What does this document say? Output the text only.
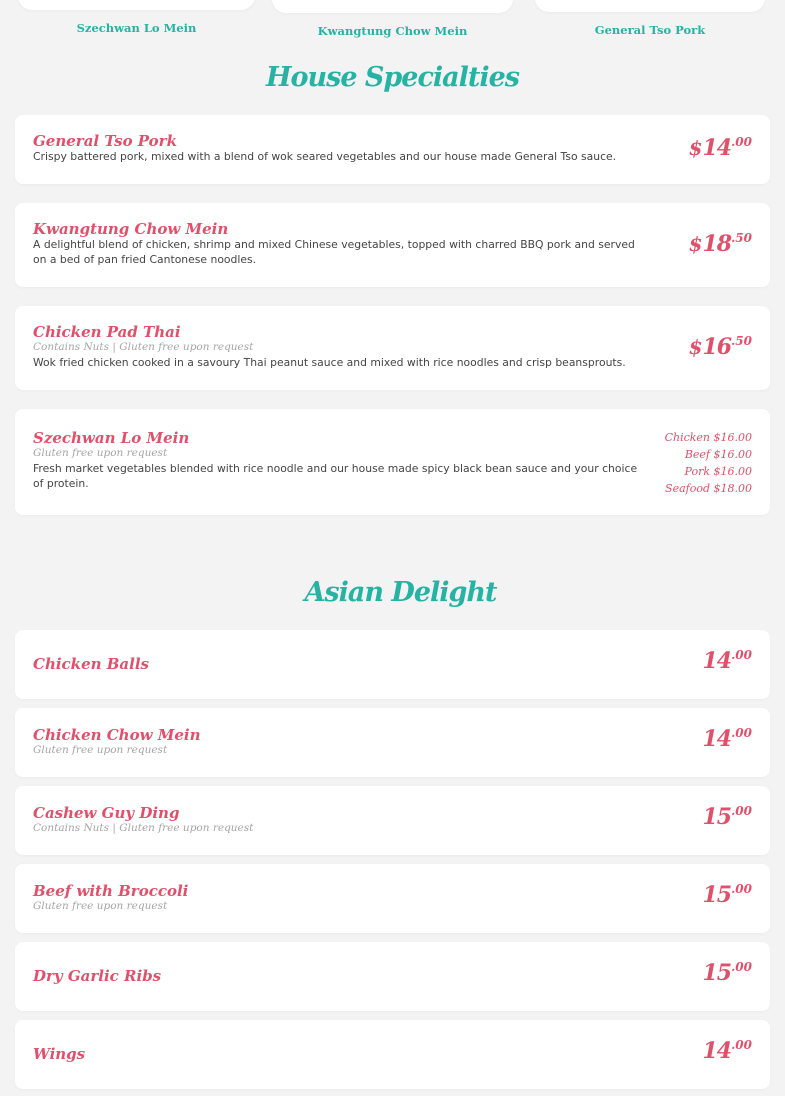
Szechwan Lo Mein	Kwangtung Chow Mein	General Tso Pork
House Specialties
General Tso Pork
Crispy battered pork, mixed with a blend of wok seared vegetables and our house made General Tso sauce.	$\$14^{.00}$
Kwangtung Chow Mein
A delightful blend of chicken, shrimp and mixed Chinese vegetables, topped with charred BBQ pork and served on a bed of pan fried Cantonese noodles.
$\$18^{.50}$
Chicken Pad Thai
Contains Nuts | Gluten free upon request
Wok fried chicken cooked in a savoury Thai peanut sauce and mixed with rice noodles and crisp beansprouts.
$\$16^{.50}$
Szechwan Lo Mein
Gluten free upon request
Fresh market vegetables blended with rice noodle and our house made spicy black bean sauce and your choice of protein.
Chicken $16.00
Beef $16.00
Pork $16.00
Seafood $18.00
Asian Delight
Chicken Balls	$14^{.00}$
Chicken Chow Mein
Gluten free upon request	$14^{.00}$
Cashew Guy Ding
Contains Nuts | Gluten free upon request	$15^{.00}$
Beef with Broccoli
Gluten free upon request	$15^{.00}$
Dry Garlic Ribs	$15^{.00}$
Wings	$14^{.00}$
